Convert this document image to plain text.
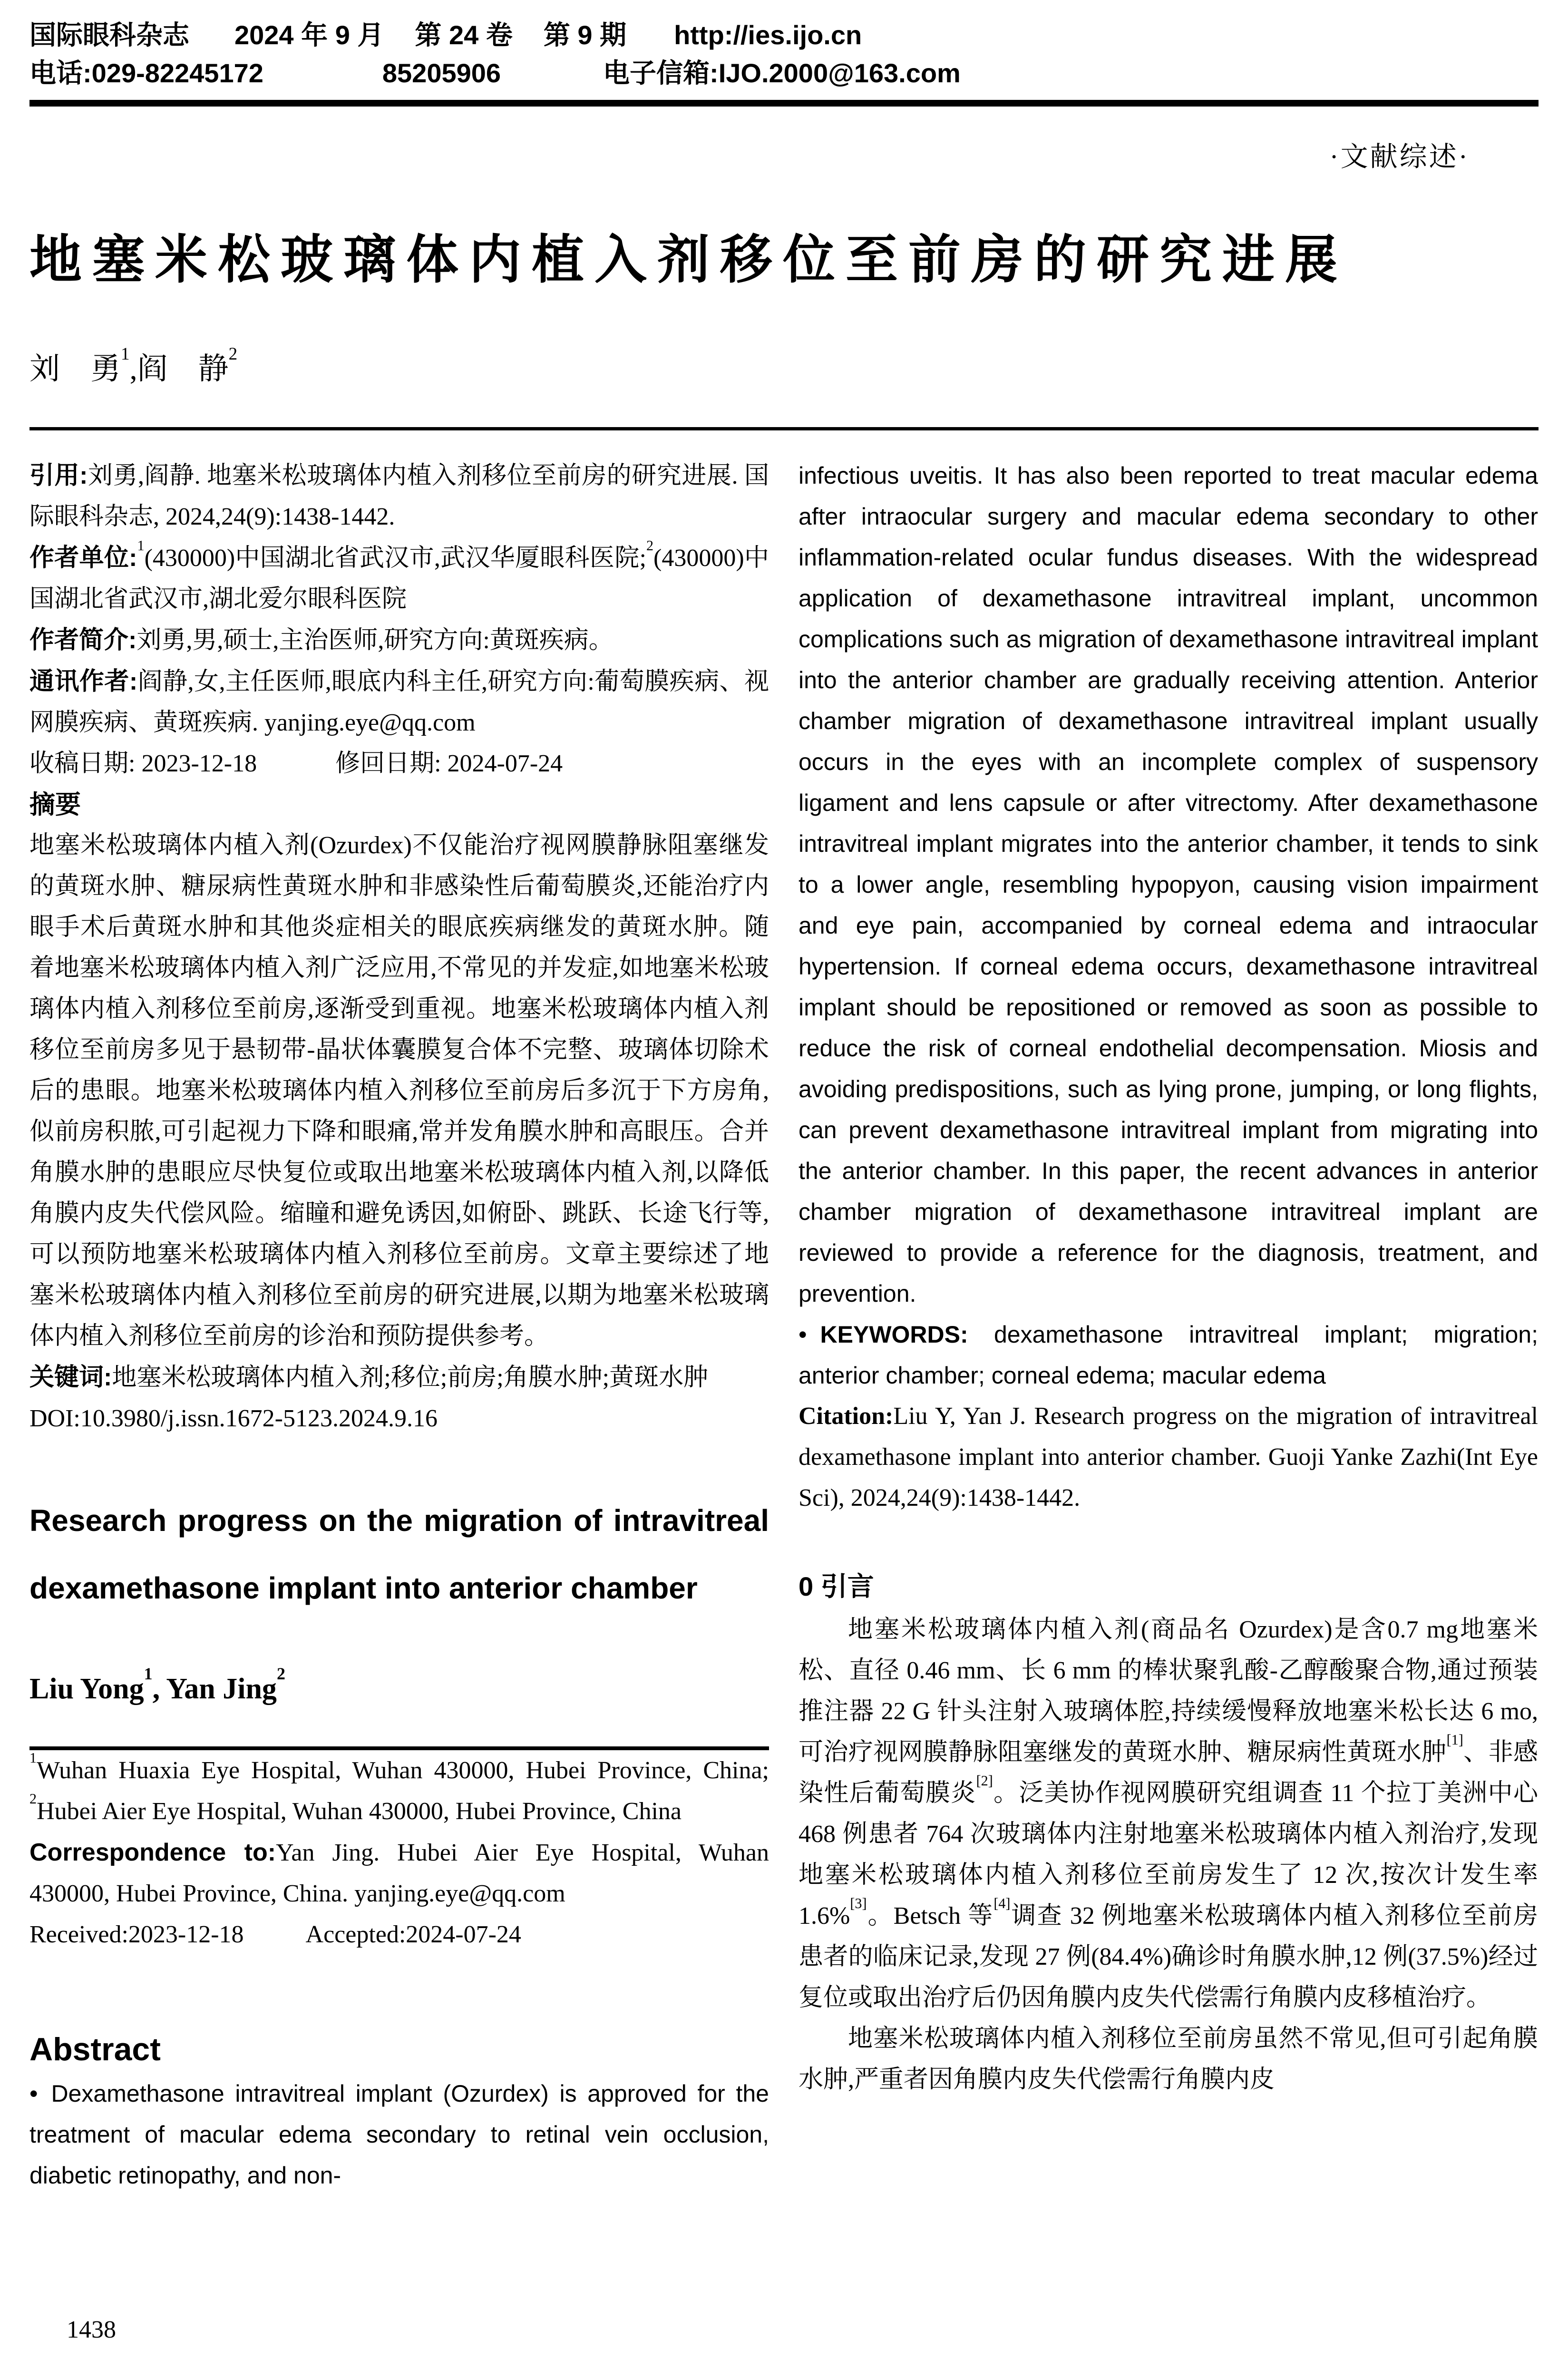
国际眼科杂志 2024 年 9 月 第 24 卷 第 9 期 http://ies.ijo.cn
电话:029-82245172	85205906	电子信箱:IJO.2000@163.com
·文献综述·
地塞米松玻璃体内植入剂移位至前房的研究进展
刘　勇$^1$,阎　静$^2$

引用:刘勇,阎静. 地塞米松玻璃体内植入剂移位至前房的研究进展. 国际眼科杂志, 2024,24(9):1438-1442.

作者单位:$^1$(430000)中国湖北省武汉市,武汉华厦眼科医院;$^2$(430000)中国湖北省武汉市,湖北爱尔眼科医院

作者简介:刘勇,男,硕士,主治医师,研究方向:黄斑疾病。

通讯作者:阎静,女,主任医师,眼底内科主任,研究方向:葡萄膜疾病、视网膜疾病、黄斑疾病. yanjing.eye@qq.com

收稿日期: 2023-12-18	修回日期: 2024-07-24

摘要

地塞米松玻璃体内植入剂(Ozurdex)不仅能治疗视网膜静脉阻塞继发的黄斑水肿、糖尿病性黄斑水肿和非感染性后葡萄膜炎,还能治疗内眼手术后黄斑水肿和其他炎症相关的眼底疾病继发的黄斑水肿。随着地塞米松玻璃体内植入剂广泛应用,不常见的并发症,如地塞米松玻璃体内植入剂移位至前房,逐渐受到重视。地塞米松玻璃体内植入剂移位至前房多见于悬韧带-晶状体囊膜复合体不完整、玻璃体切除术后的患眼。地塞米松玻璃体内植入剂移位至前房后多沉于下方房角,似前房积脓,可引起视力下降和眼痛,常并发角膜水肿和高眼压。合并角膜水肿的患眼应尽快复位或取出地塞米松玻璃体内植入剂,以降低角膜内皮失代偿风险。缩瞳和避免诱因,如俯卧、跳跃、长途飞行等,可以预防地塞米松玻璃体内植入剂移位至前房。文章主要综述了地塞米松玻璃体内植入剂移位至前房的研究进展,以期为地塞米松玻璃体内植入剂移位至前房的诊治和预防提供参考。

关键词:地塞米松玻璃体内植入剂;移位;前房;角膜水肿;黄斑水肿

DOI:10.3980/j.issn.1672-5123.2024.9.16

Research progress on the migration of intravitreal dexamethasone implant into anterior chamber
Liu Yong$^1$, Yan Jing$^2$

$^1$Wuhan Huaxia Eye Hospital, Wuhan 430000, Hubei Province, China; $^2$Hubei Aier Eye Hospital, Wuhan 430000, Hubei Province, China

Correspondence to:Yan Jing. Hubei Aier Eye Hospital, Wuhan 430000, Hubei Province, China. yanjing.eye@qq.com

Received:2023-12-18	Accepted:2024-07-24
Abstract

• Dexamethasone intravitreal implant (Ozurdex) is approved for the treatment of macular edema secondary to retinal vein occlusion, diabetic retinopathy, and non-

infectious uveitis. It has also been reported to treat macular edema after intraocular surgery and macular edema secondary to other inflammation-related ocular fundus diseases. With the widespread application of dexamethasone intravitreal implant, uncommon complications such as migration of dexamethasone intravitreal implant into the anterior chamber are gradually receiving attention. Anterior chamber migration of dexamethasone intravitreal implant usually occurs in the eyes with an incomplete complex of suspensory ligament and lens capsule or after vitrectomy. After dexamethasone intravitreal implant migrates into the anterior chamber, it tends to sink to a lower angle, resembling hypopyon, causing vision impairment and eye pain, accompanied by corneal edema and intraocular hypertension. If corneal edema occurs, dexamethasone intravitreal implant should be repositioned or removed as soon as possible to reduce the risk of corneal endothelial decompensation. Miosis and avoiding predispositions, such as lying prone, jumping, or long flights, can prevent dexamethasone intravitreal implant from migrating into the anterior chamber. In this paper, the recent advances in anterior chamber migration of dexamethasone intravitreal implant are reviewed to provide a reference for the diagnosis, treatment, and prevention.

• KEYWORDS: dexamethasone intravitreal implant; migration; anterior chamber; corneal edema; macular edema

Citation:Liu Y, Yan J. Research progress on the migration of intravitreal dexamethasone implant into anterior chamber. Guoji Yanke Zazhi(Int Eye Sci), 2024,24(9):1438-1442.

0 引言

地塞米松玻璃体内植入剂(商品名 Ozurdex)是含0.7 mg地塞米松、直径 0.46 mm、长 6 mm 的棒状聚乳酸-乙醇酸聚合物,通过预装推注器 22 G 针头注射入玻璃体腔,持续缓慢释放地塞米松长达 6 mo,可治疗视网膜静脉阻塞继发的黄斑水肿、糖尿病性黄斑水肿[1]、非感染性后葡萄膜炎[2]。泛美协作视网膜研究组调查 11 个拉丁美洲中心 468 例患者 764 次玻璃体内注射地塞米松玻璃体内植入剂治疗,发现地塞米松玻璃体内植入剂移位至前房发生了 12 次,按次计发生率 1.6%[3]。Betsch 等[4]调查 32 例地塞米松玻璃体内植入剂移位至前房患者的临床记录,发现 27 例(84.4%)确诊时角膜水肿,12 例(37.5%)经过复位或取出治疗后仍因角膜内皮失代偿需行角膜内皮移植治疗。

地塞米松玻璃体内植入剂移位至前房虽然不常见,但可引起角膜水肿,严重者因角膜内皮失代偿需行角膜内皮

1438
